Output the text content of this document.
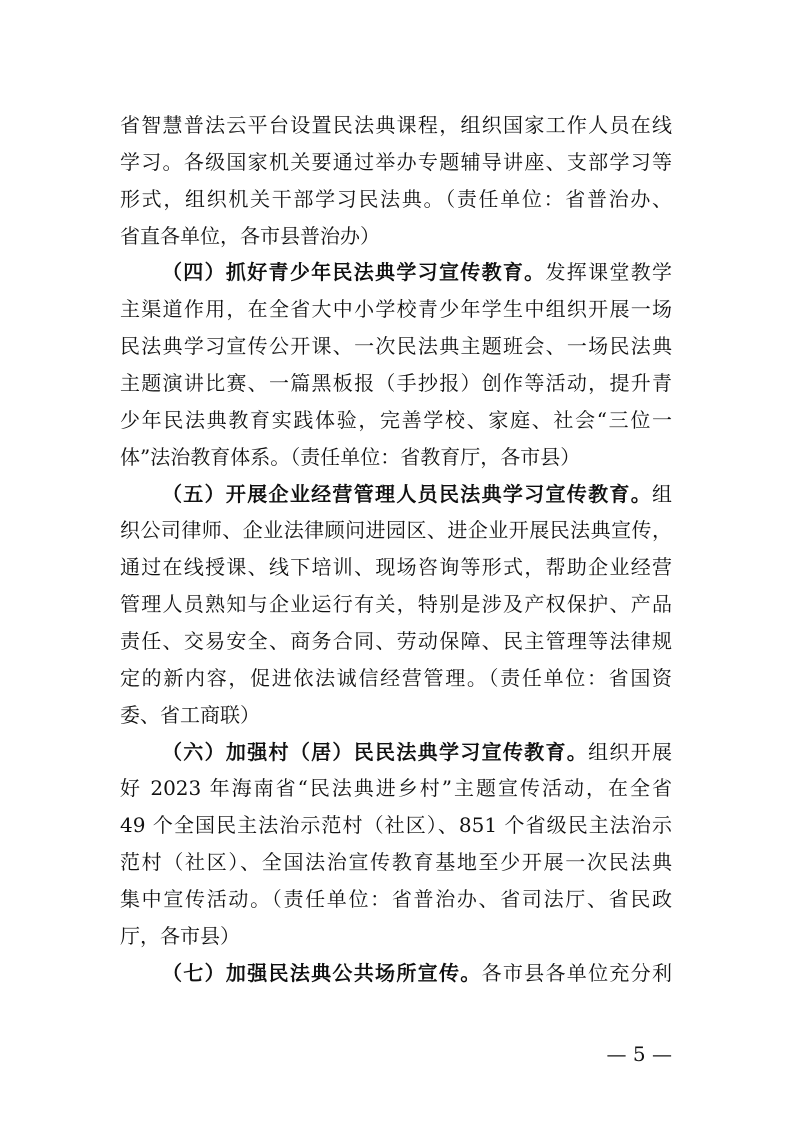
省智慧普法云平台设置民法典课程，组织国家工作人员在线
学习。各级国家机关要通过举办专题辅导讲座、支部学习等
形式，组织机关干部学习民法典。（责任单位：省普治办、
省直各单位，各市县普治办）
（四）抓好青少年民法典学习宣传教育。发挥课堂教学
主渠道作用，在全省大中小学校青少年学生中组织开展一场
民法典学习宣传公开课、一次民法典主题班会、一场民法典
主题演讲比赛、一篇黑板报（手抄报）创作等活动，提升青
少年民法典教育实践体验，完善学校、家庭、社会“三位一
体”法治教育体系。（责任单位：省教育厅，各市县）
（五）开展企业经营管理人员民法典学习宣传教育。组
织公司律师、企业法律顾问进园区、进企业开展民法典宣传，
通过在线授课、线下培训、现场咨询等形式，帮助企业经营
管理人员熟知与企业运行有关，特别是涉及产权保护、产品
责任、交易安全、商务合同、劳动保障、民主管理等法律规
定的新内容，促进依法诚信经营管理。（责任单位：省国资
委、省工商联）
（六）加强村（居）民民法典学习宣传教育。组织开展
好 2023 年海南省“民法典进乡村”主题宣传活动，在全省
49 个全国民主法治示范村（社区）、851 个省级民主法治示
范村（社区）、全国法治宣传教育基地至少开展一次民法典
集中宣传活动。（责任单位：省普治办、省司法厅、省民政
厅，各市县）
（七）加强民法典公共场所宣传。各市县各单位充分利
— 5 —
